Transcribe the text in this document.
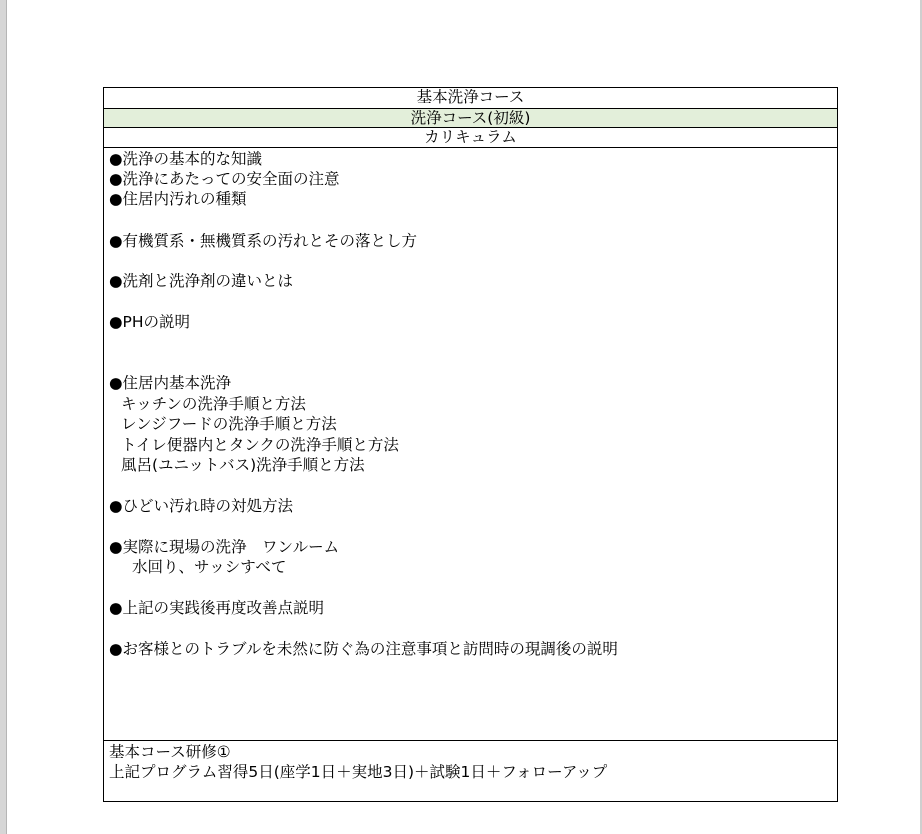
基本洗浄コース
洗浄コース(初級)
カリキュラム
●洗浄の基本的な知識
●洗浄にあたっての安全面の注意
●住居内汚れの種類
●有機質系・無機質系の汚れとその落とし方
●洗剤と洗浄剤の違いとは
●PHの説明
●住居内基本洗浄
キッチンの洗浄手順と方法
レンジフードの洗浄手順と方法
トイレ便器内とタンクの洗浄手順と方法
風呂(ユニットバス)洗浄手順と方法
●ひどい汚れ時の対処方法
●実際に現場の洗浄　ワンルーム
水回り、サッシすべて
●上記の実践後再度改善点説明
●お客様とのトラブルを未然に防ぐ為の注意事項と訪問時の現調後の説明
基本コース研修①
上記プログラム習得5日(座学1日＋実地3日)＋試験1日＋フォローアップ
